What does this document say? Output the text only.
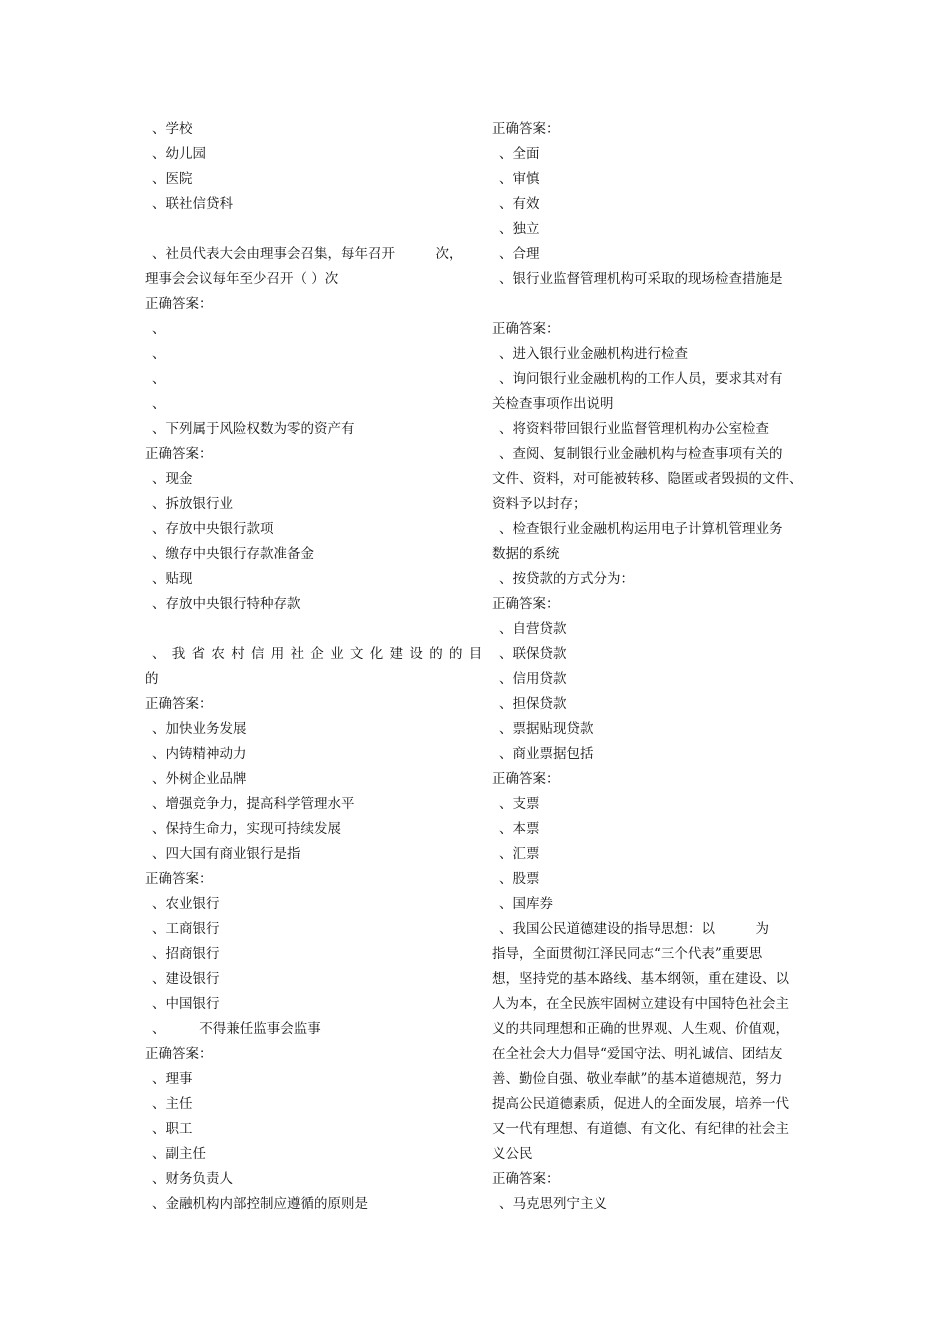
、学校
、幼儿园
、医院
、联社信贷科
、社员代表大会由理事会召集，每年召开　　　次，
理事会会议每年至少召开（ ）次
正确答案：
、
、
、
、
、下列属于风险权数为零的资产有
正确答案：
、现金
、拆放银行业
、存放中央银行款项
、缴存中央银行存款准备金
、贴现
、存放中央银行特种存款
、我省农村信用社企业文化建设的的目
的
正确答案：
、加快业务发展
、内铸精神动力
、外树企业品牌
、增强竞争力，提高科学管理水平
、保持生命力，实现可持续发展
、四大国有商业银行是指
正确答案：
、农业银行
、工商银行
、招商银行
、建设银行
、中国银行
、　　　不得兼任监事会监事
正确答案：
、理事
、主任
、职工
、副主任
、财务负责人
、金融机构内部控制应遵循的原则是
正确答案：
、全面
、审慎
、有效
、独立
、合理
、银行业监督管理机构可采取的现场检查措施是
正确答案：
、进入银行业金融机构进行检查
、询问银行业金融机构的工作人员，要求其对有
关检查事项作出说明
、将资料带回银行业监督管理机构办公室检查
、查阅、复制银行业金融机构与检查事项有关的
文件、资料，对可能被转移、隐匿或者毁损的文件、
资料予以封存；
、检查银行业金融机构运用电子计算机管理业务
数据的系统
、按贷款的方式分为：
正确答案：
、自营贷款
、联保贷款
、信用贷款
、担保贷款
、票据贴现贷款
、商业票据包括
正确答案：
、支票
、本票
、汇票
、股票
、国库券
、我国公民道德建设的指导思想：以　　　为
指导，全面贯彻江泽民同志“三个代表”重要思
想，坚持党的基本路线、基本纲领，重在建设、以
人为本，在全民族牢固树立建设有中国特色社会主
义的共同理想和正确的世界观、人生观、价值观，
在全社会大力倡导“爱国守法、明礼诚信、团结友
善、勤俭自强、敬业奉献”的基本道德规范，努力
提高公民道德素质，促进人的全面发展，培养一代
又一代有理想、有道德、有文化、有纪律的社会主
义公民
正确答案：
、马克思列宁主义
